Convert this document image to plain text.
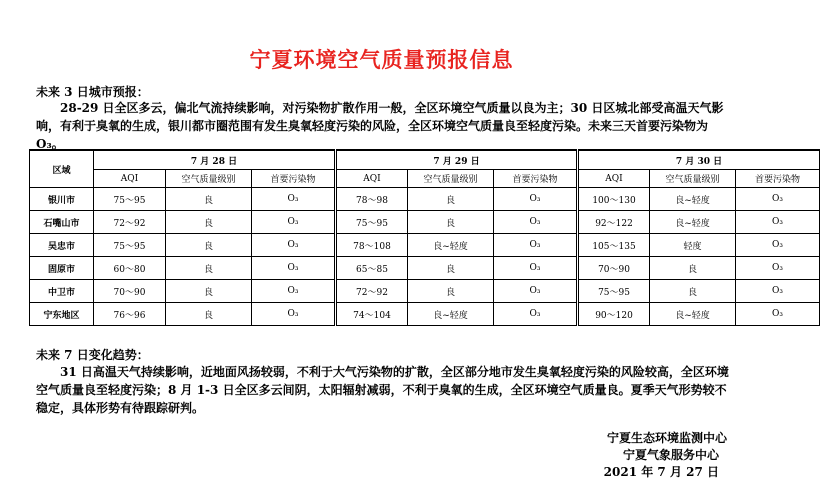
宁夏环境空气质量预报信息
未来 3 日城市预报：
28-29 日全区多云，偏北气流持续影响，对污染物扩散作用一般，全区环境空气质量以良为主；30 日区城北部受高温天气影响，有利于臭氧的生成，银川都市圈范围有发生臭氧轻度污染的风险，全区环境空气质量良至轻度污染。未来三天首要污染物为 O₃。
区域	7 月 28 日			7 月 29 日			7 月 30 日		
	AQI	空气质量级别	首要污染物	AQI	空气质量级别	首要污染物	AQI	空气质量级别	首要污染物
银川市	75～95	良	O₃	78～98	良	O₃	100～130	良~轻度	O₃
石嘴山市	72～92	良	O₃	75～95	良	O₃	92～122	良~轻度	O₃
吴忠市	75～95	良	O₃	78～108	良~轻度	O₃	105～135	轻度	O₃
固原市	60～80	良	O₃	65～85	良	O₃	70～90	良	O₃
中卫市	70～90	良	O₃	72～92	良	O₃	75～95	良	O₃
宁东地区	76～96	良	O₃	74～104	良~轻度	O₃	90～120	良~轻度	O₃
未来 7 日变化趋势：
31 日高温天气持续影响，近地面风扬较弱，不利于大气污染物的扩散，全区部分地市发生臭氧轻度污染的风险较高，全区环境空气质量良至轻度污染；8 月 1-3 日全区多云间阴，太阳辐射减弱，不利于臭氧的生成，全区环境空气质量良。夏季天气形势较不稳定，具体形势有待跟踪研判。
宁夏生态环境监测中心
宁夏气象服务中心
2021 年 7 月 27 日
